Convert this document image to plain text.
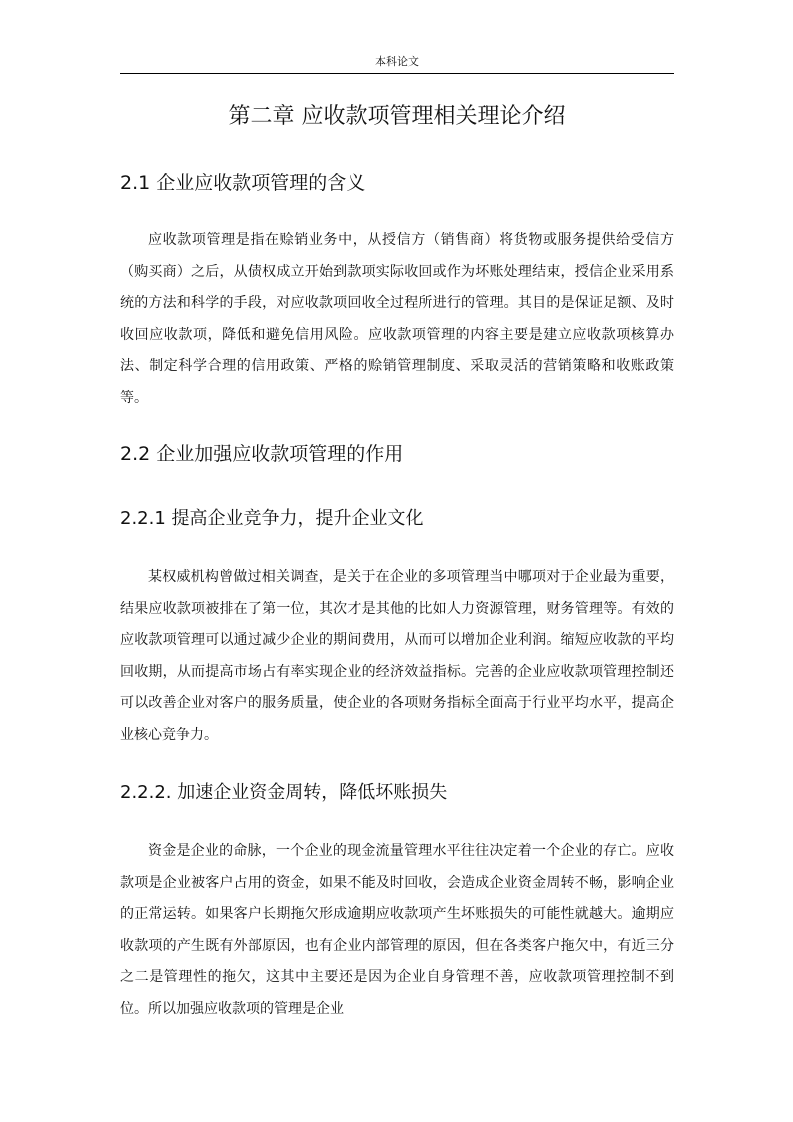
本科论文
第二章 应收款项管理相关理论介绍
2.1 企业应收款项管理的含义

应收款项管理是指在赊销业务中，从授信方（销售商）将货物或服务提供给受信方（购买商）之后，从债权成立开始到款项实际收回或作为坏账处理结束，授信企业采用系统的方法和科学的手段，对应收款项回收全过程所进行的管理。其目的是保证足额、及时收回应收款项，降低和避免信用风险。应收款项管理的内容主要是建立应收款项核算办法、制定科学合理的信用政策、严格的赊销管理制度、采取灵活的营销策略和收账政策等。

2.2 企业加强应收款项管理的作用
2.2.1 提高企业竞争力，提升企业文化

某权威机构曾做过相关调查，是关于在企业的多项管理当中哪项对于企业最为重要，结果应收款项被排在了第一位，其次才是其他的比如人力资源管理，财务管理等。有效的应收款项管理可以通过减少企业的期间费用，从而可以增加企业利润。缩短应收款的平均回收期，从而提高市场占有率实现企业的经济效益指标。完善的企业应收款项管理控制还可以改善企业对客户的服务质量，使企业的各项财务指标全面高于行业平均水平，提高企业核心竞争力。

2.2.2. 加速企业资金周转，降低坏账损失

资金是企业的命脉，一个企业的现金流量管理水平往往决定着一个企业的存亡。应收款项是企业被客户占用的资金，如果不能及时回收，会造成企业资金周转不畅，影响企业的正常运转。如果客户长期拖欠形成逾期应收款项产生坏账损失的可能性就越大。逾期应收款项的产生既有外部原因，也有企业内部管理的原因，但在各类客户拖欠中，有近三分之二是管理性的拖欠，这其中主要还是因为企业自身管理不善，应收款项管理控制不到位。所以加强应收款项的管理是企业
